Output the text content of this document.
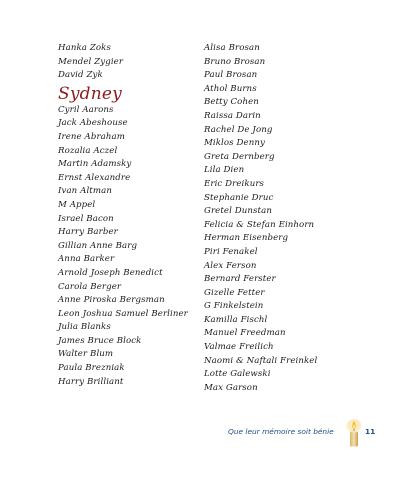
Hanka Zoks
Mendel Zygier
David Zyk
Sydney
Cyril Aarons
Jack Abeshouse
Irene Abraham
Rozalia Aczel
Martin Adamsky
Ernst Alexandre
Ivan Altman
M Appel
Israel Bacon
Harry Barber
Gillian Anne Barg
Anna Barker
Arnold Joseph Benedict
Carola Berger
Anne Piroska Bergsman
Leon Joshua Samuel Berliner
Julia Blanks
James Bruce Block
Walter Blum
Paula Brezniak
Harry Brilliant
Alisa Brosan
Bruno Brosan
Paul Brosan
Athol Burns
Betty Cohen
Raissa Darin
Rachel De Jong
Miklos Denny
Greta Dernberg
Lila Dien
Eric Dreikurs
Stephanie Druc
Gretel Dunstan
Felicia & Stefan Einhorn
Herman Eisenberg
Piri Fenakel
Alex Ferson
Bernard Ferster
Gizelle Fetter
G Finkelstein
Kamilla Fischl
Manuel Freedman
Valmae Freilich
Naomi & Naftali Freinkel
Lotte Galewski
Max Garson
Que leur mémoire soit bénie	11
